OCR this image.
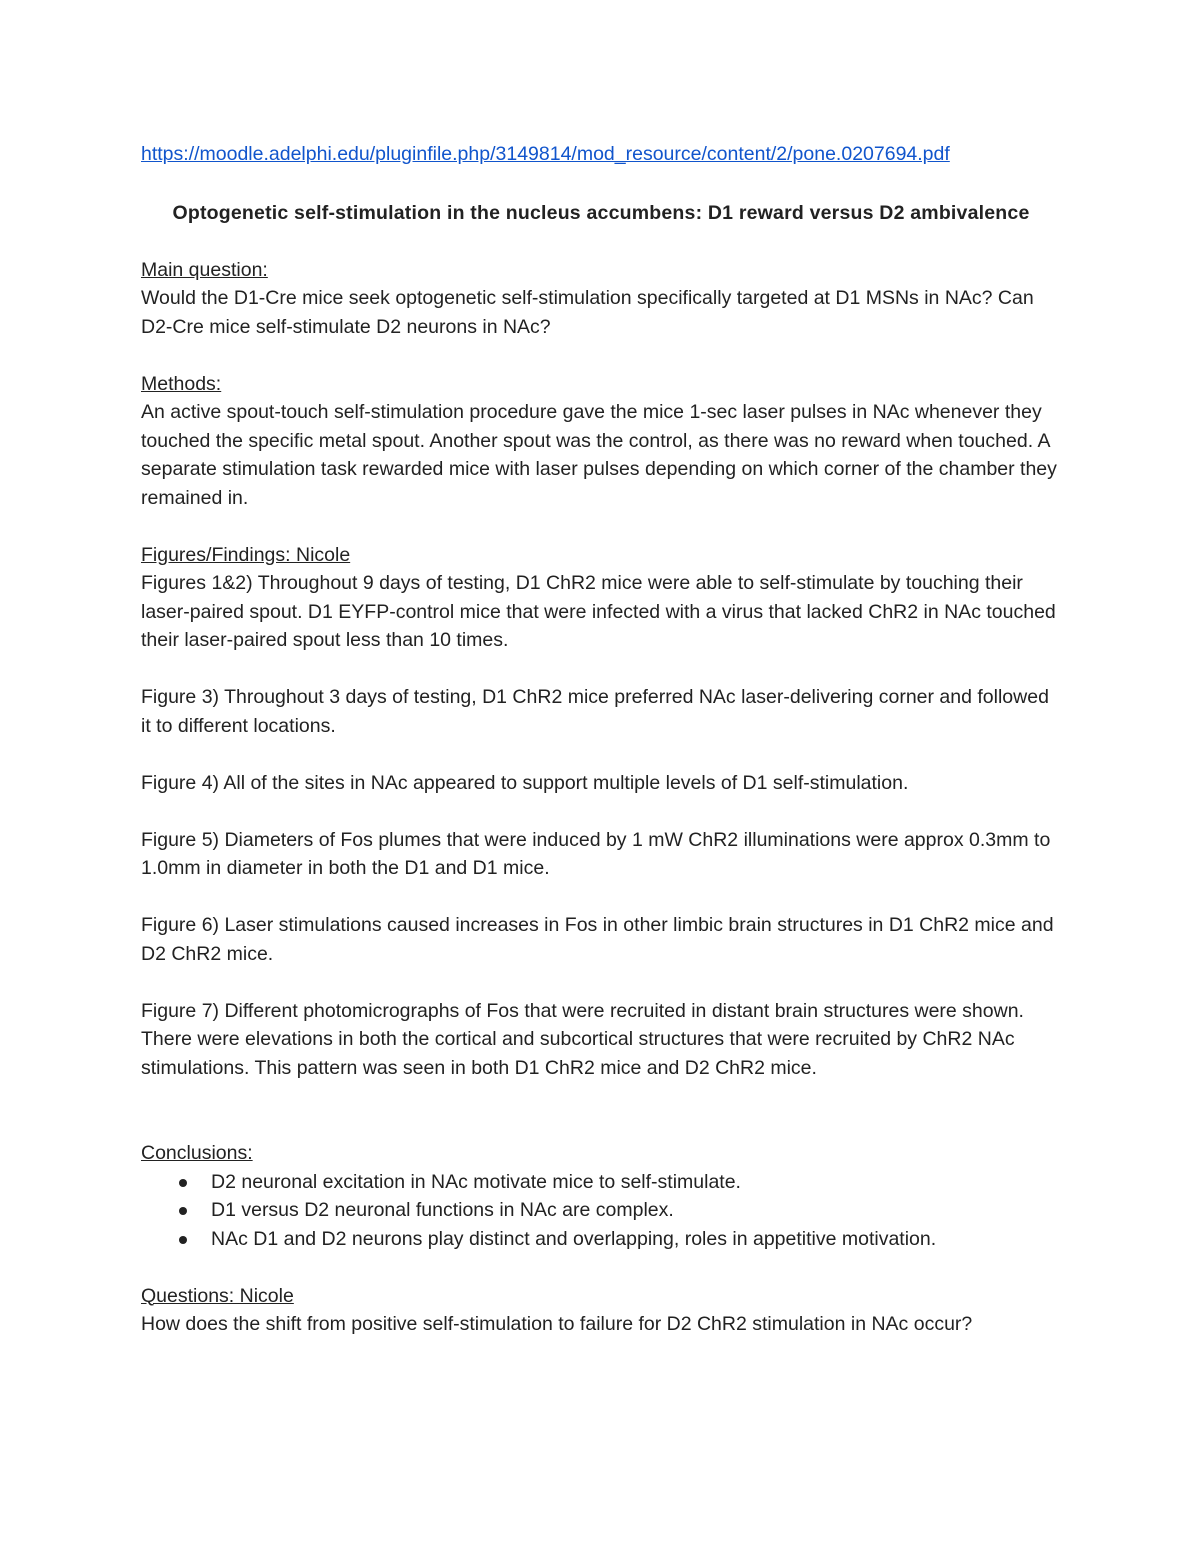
https://moodle.adelphi.edu/pluginfile.php/3149814/mod_resource/content/2/pone.0207694.pdf
Optogenetic self-stimulation in the nucleus accumbens: D1 reward versus D2 ambivalence
Main question:

Would the D1-Cre mice seek optogenetic self-stimulation specifically targeted at D1 MSNs in NAc? Can D2-Cre mice self-stimulate D2 neurons in NAc?

Methods:

An active spout-touch self-stimulation procedure gave the mice 1-sec laser pulses in NAc whenever they touched the specific metal spout. Another spout was the control, as there was no reward when touched. A separate stimulation task rewarded mice with laser pulses depending on which corner of the chamber they remained in.

Figures/Findings: Nicole

Figures 1&2) Throughout 9 days of testing, D1 ChR2 mice were able to self-stimulate by touching their laser-paired spout. D1 EYFP-control mice that were infected with a virus that lacked ChR2 in NAc touched their laser-paired spout less than 10 times.

Figure 3) Throughout 3 days of testing, D1 ChR2 mice preferred NAc laser-delivering corner and followed it to different locations.

Figure 4) All of the sites in NAc appeared to support multiple levels of D1 self-stimulation.

Figure 5) Diameters of Fos plumes that were induced by 1 mW ChR2 illuminations were approx 0.3mm to 1.0mm in diameter in both the D1 and D1 mice.

Figure 6) Laser stimulations caused increases in Fos in other limbic brain structures in D1 ChR2 mice and D2 ChR2 mice.

Figure 7) Different photomicrographs of Fos that were recruited in distant brain structures were shown. There were elevations in both the cortical and subcortical structures that were recruited by ChR2 NAc stimulations. This pattern was seen in both D1 ChR2 mice and D2 ChR2 mice.

Conclusions:
D2 neuronal excitation in NAc motivate mice to self-stimulate.
D1 versus D2 neuronal functions in NAc are complex.
NAc D1 and D2 neurons play distinct and overlapping, roles in appetitive motivation.
Questions: Nicole

How does the shift from positive self-stimulation to failure for D2 ChR2 stimulation in NAc occur?
